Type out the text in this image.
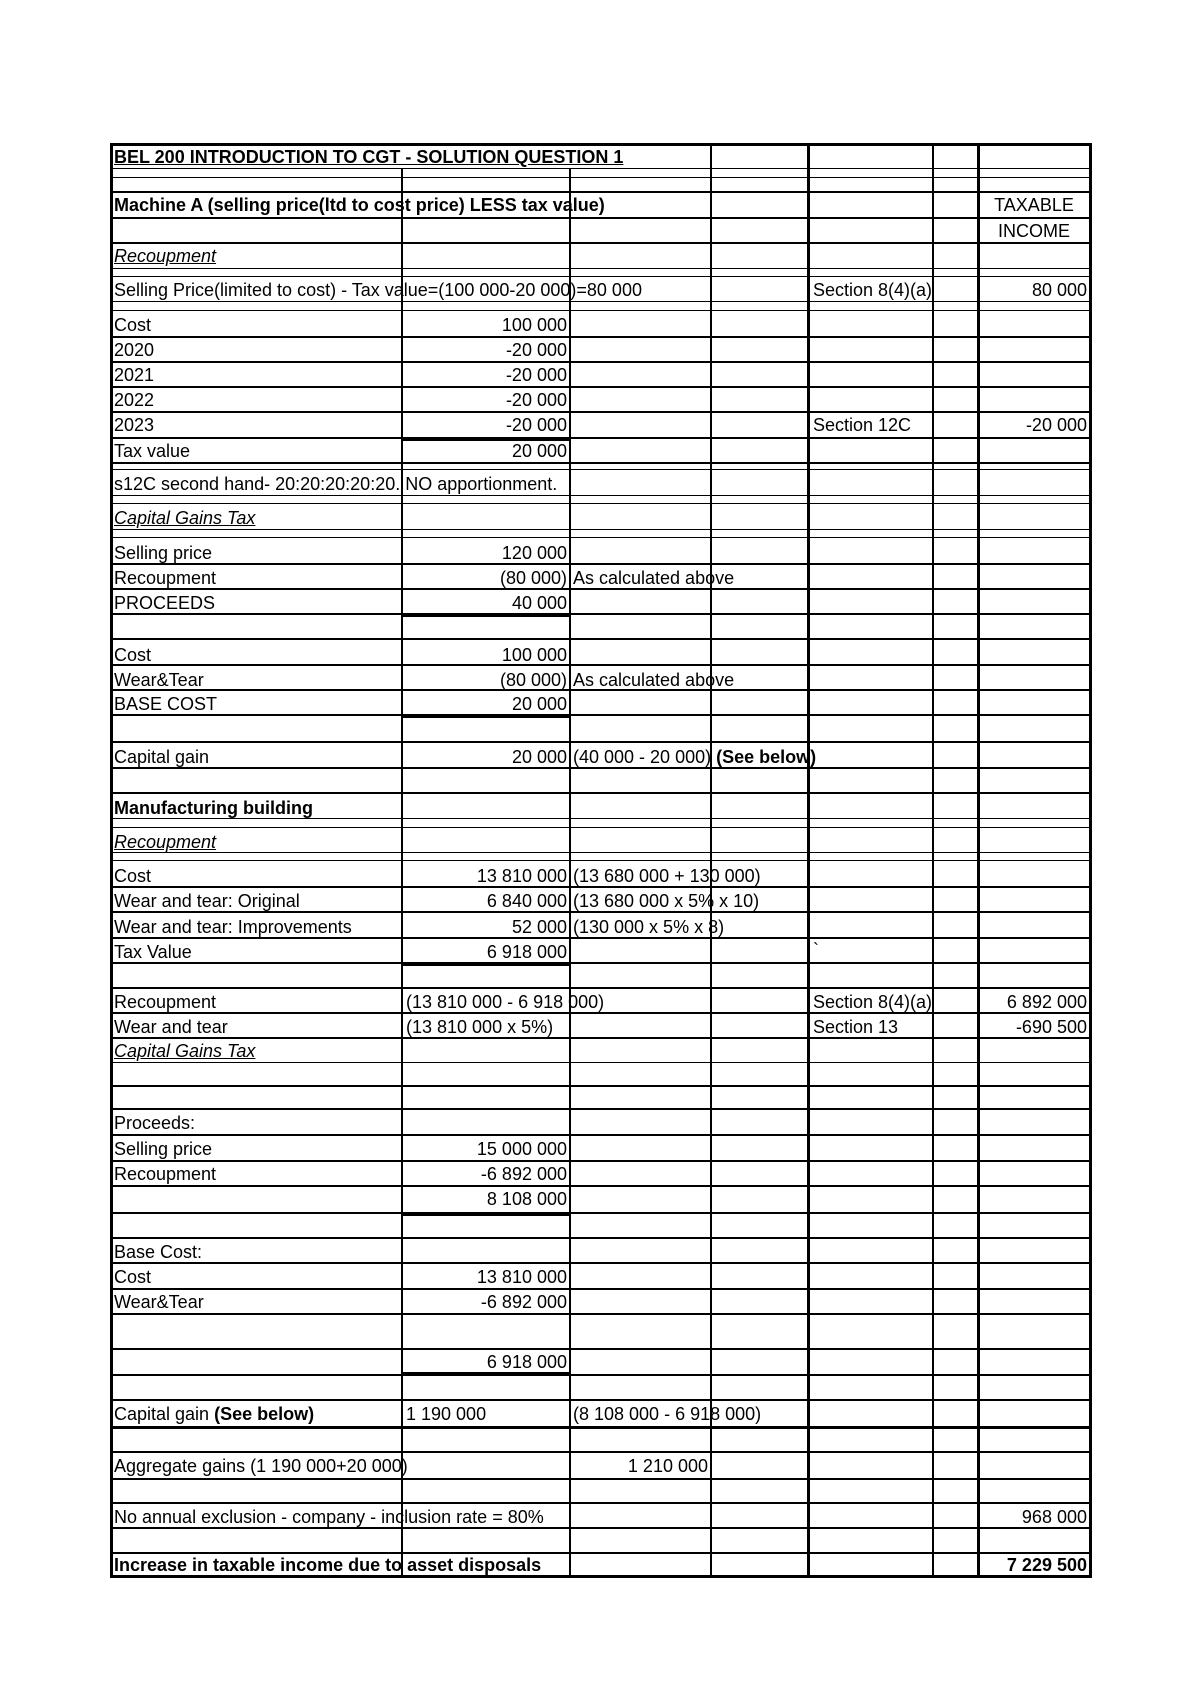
BEL 200 INTRODUCTION TO CGT - SOLUTION QUESTION 1
Machine A (selling price(ltd to cost price) LESS tax value)	TAXABLE
INCOME
Recoupment
Selling Price(limited to cost) - Tax value=(100 000-20 000)=80 000	Section 8(4)(a)	80 000
Cost	100 000
2020	-20 000
2021	-20 000
2022	-20 000
2023	-20 000	Section 12C	-20 000
Tax value	20 000
s12C second hand- 20:20:20:20:20. NO apportionment.
Capital Gains Tax
Selling price	120 000
Recoupment	(80 000) As calculated above
PROCEEDS	40 000
Cost	100 000
Wear&Tear	(80 000) As calculated above
BASE COST	20 000
Capital gain	20 000 (40 000 - 20 000) (See below)
Manufacturing building
Recoupment
Cost	13 810 000 (13 680 000 + 130 000)
Wear and tear: Original	6 840 000 (13 680 000 x 5% x 10)
Wear and tear: Improvements	52 000 (130 000 x 5% x 8)
Tax Value	6 918 000	`
Recoupment	(13 810 000 - 6 918 000)	Section 8(4)(a)	6 892 000
Wear and tear	(13 810 000 x 5%)	Section 13	-690 500
Capital Gains Tax
Proceeds:
Selling price	15 000 000
Recoupment	-6 892 000
8 108 000
Base Cost:
Cost	13 810 000
Wear&Tear	-6 892 000
6 918 000
Capital gain (See below)	1 190 000	(8 108 000 - 6 918 000)
Aggregate gains (1 190 000+20 000)	1 210 000
No annual exclusion - company - inclusion rate = 80%	968 000
Increase in taxable income due to asset disposals	7 229 500
